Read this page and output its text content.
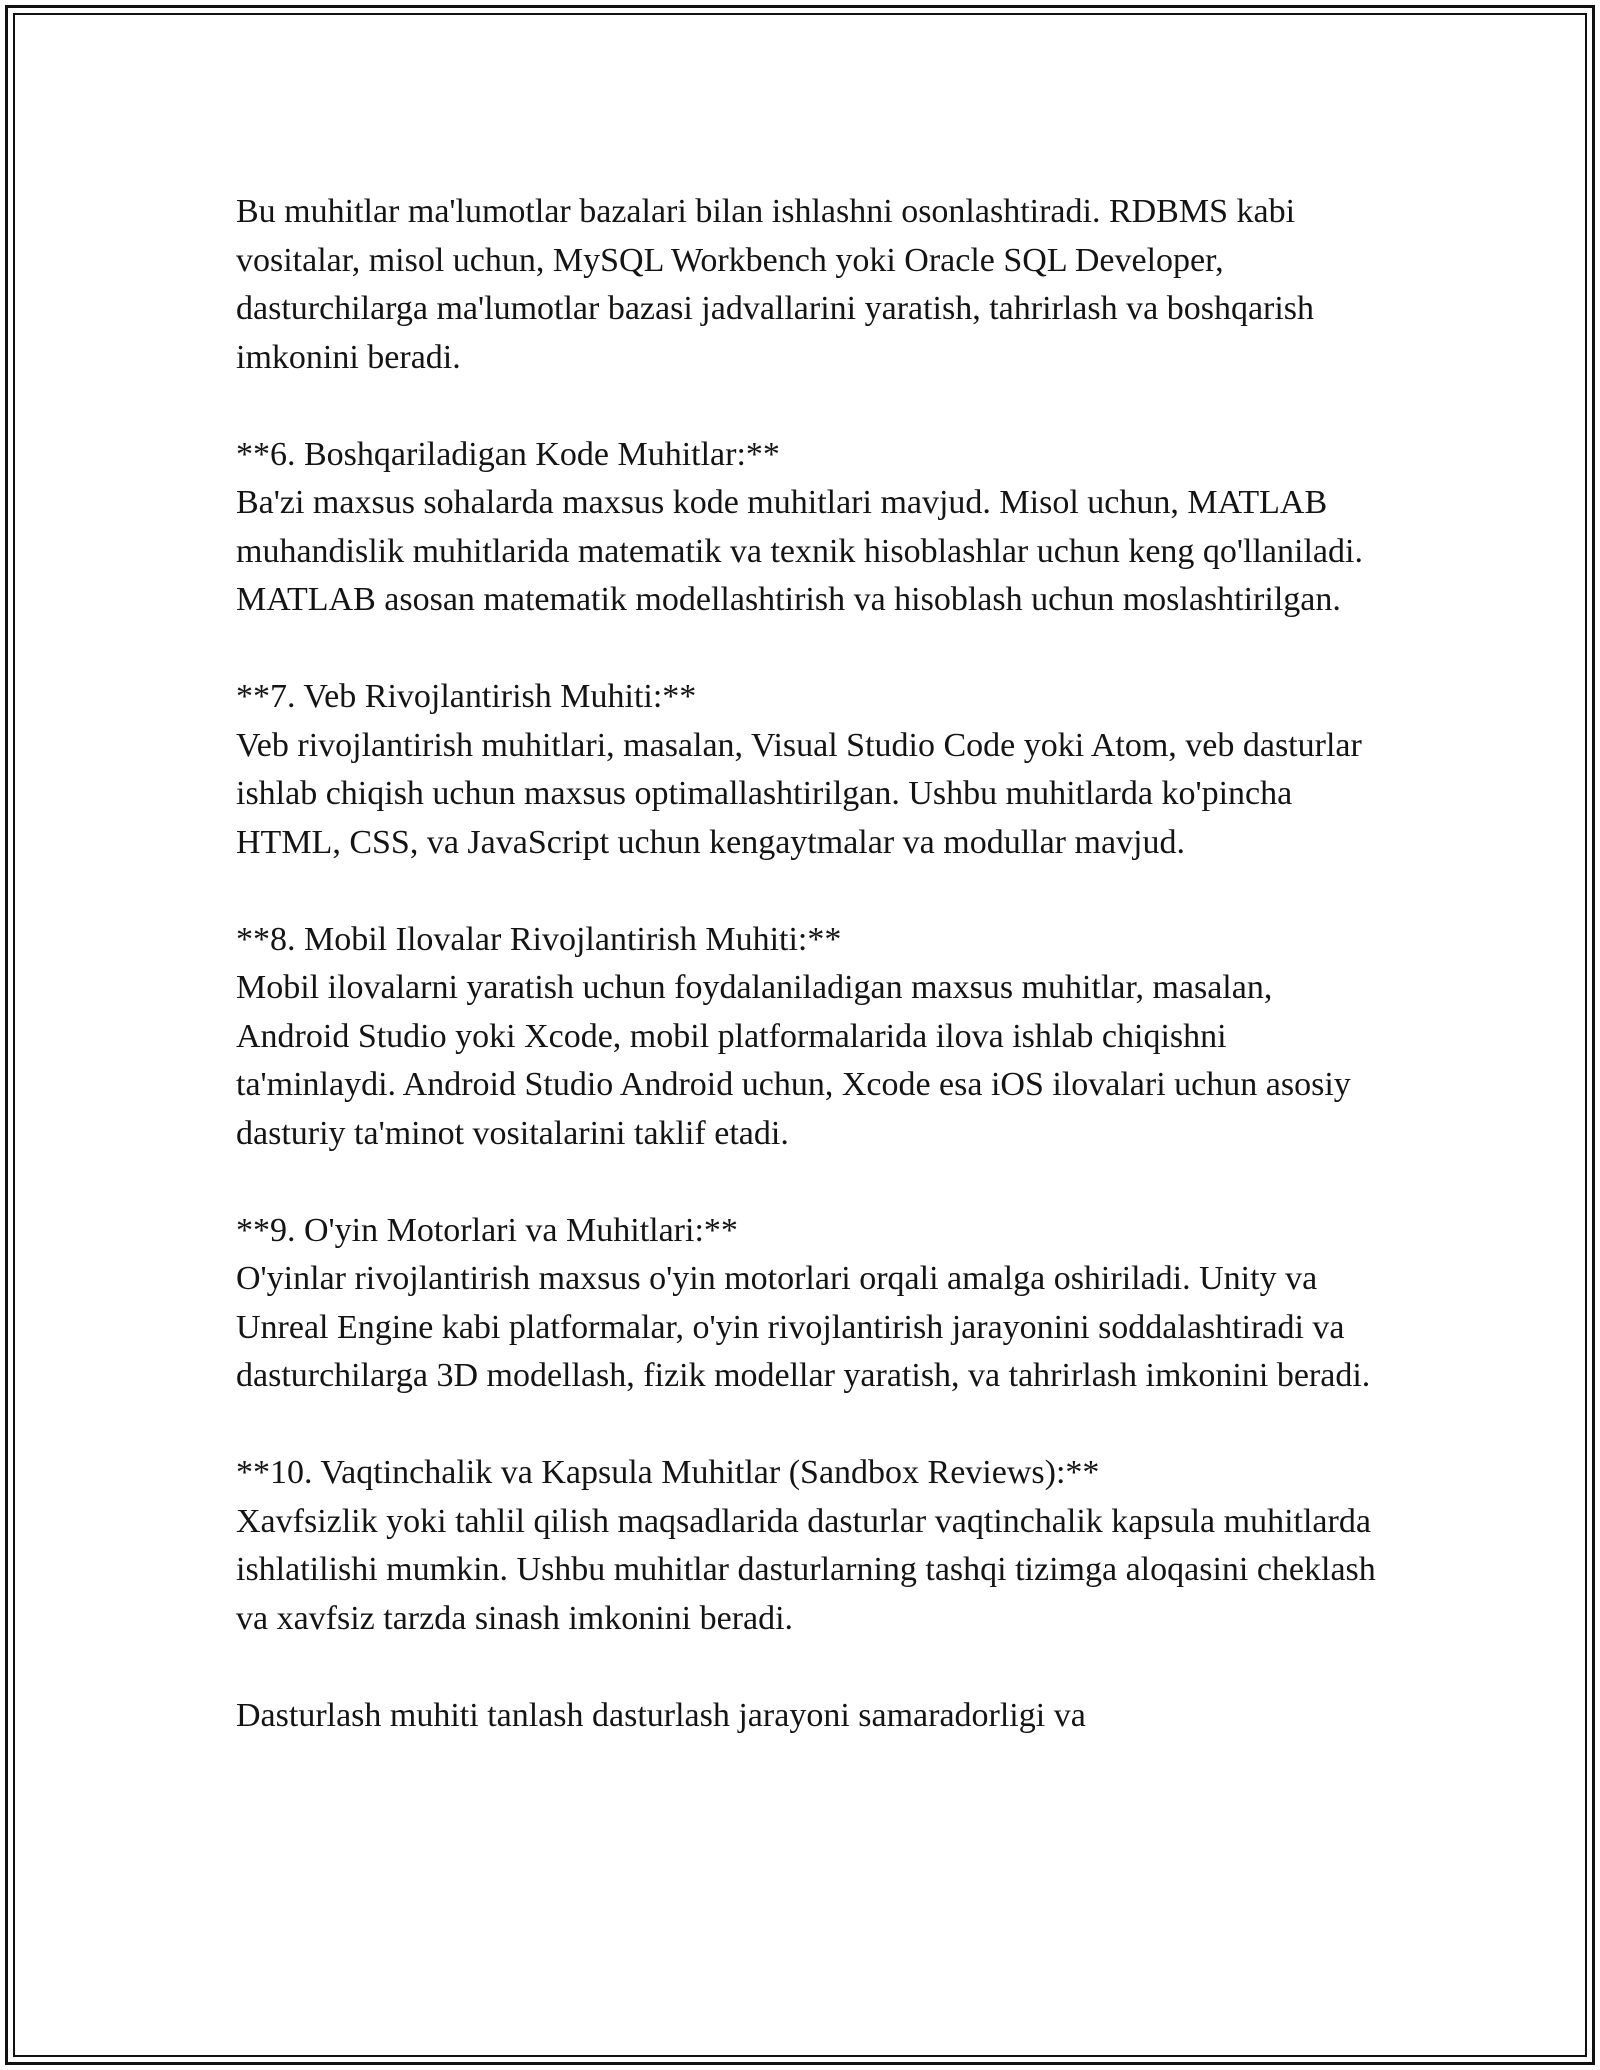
Bu muhitlar ma'lumotlar bazalari bilan ishlashni osonlashtiradi. RDBMS kabi vositalar, misol uchun, MySQL Workbench yoki Oracle SQL Developer, dasturchilarga ma'lumotlar bazasi jadvallarini yaratish, tahrirlash va boshqarish imkonini beradi.

**6. Boshqariladigan Kode Muhitlar:**

Ba'zi maxsus sohalarda maxsus kode muhitlari mavjud. Misol uchun, MATLAB muhandislik muhitlarida matematik va texnik hisoblashlar uchun keng qo'llaniladi. MATLAB asosan matematik modellashtirish va hisoblash uchun moslashtirilgan.

**7. Veb Rivojlantirish Muhiti:**

Veb rivojlantirish muhitlari, masalan, Visual Studio Code yoki Atom, veb dasturlar ishlab chiqish uchun maxsus optimallashtirilgan. Ushbu muhitlarda ko'pincha HTML, CSS, va JavaScript uchun kengaytmalar va modullar mavjud.

**8. Mobil Ilovalar Rivojlantirish Muhiti:**

Mobil ilovalarni yaratish uchun foydalaniladigan maxsus muhitlar, masalan, Android Studio yoki Xcode, mobil platformalarida ilova ishlab chiqishni ta'minlaydi. Android Studio Android uchun, Xcode esa iOS ilovalari uchun asosiy dasturiy ta'minot vositalarini taklif etadi.

**9. O'yin Motorlari va Muhitlari:**

O'yinlar rivojlantirish maxsus o'yin motorlari orqali amalga oshiriladi. Unity va Unreal Engine kabi platformalar, o'yin rivojlantirish jarayonini soddalashtiradi va dasturchilarga 3D modellash, fizik modellar yaratish, va tahrirlash imkonini beradi.

**10. Vaqtinchalik va Kapsula Muhitlar (Sandbox Reviews):**

Xavfsizlik yoki tahlil qilish maqsadlarida dasturlar vaqtinchalik kapsula muhitlarda ishlatilishi mumkin. Ushbu muhitlar dasturlarning tashqi tizimga aloqasini cheklash va xavfsiz tarzda sinash imkonini beradi.

Dasturlash muhiti tanlash dasturlash jarayoni samaradorligi va
